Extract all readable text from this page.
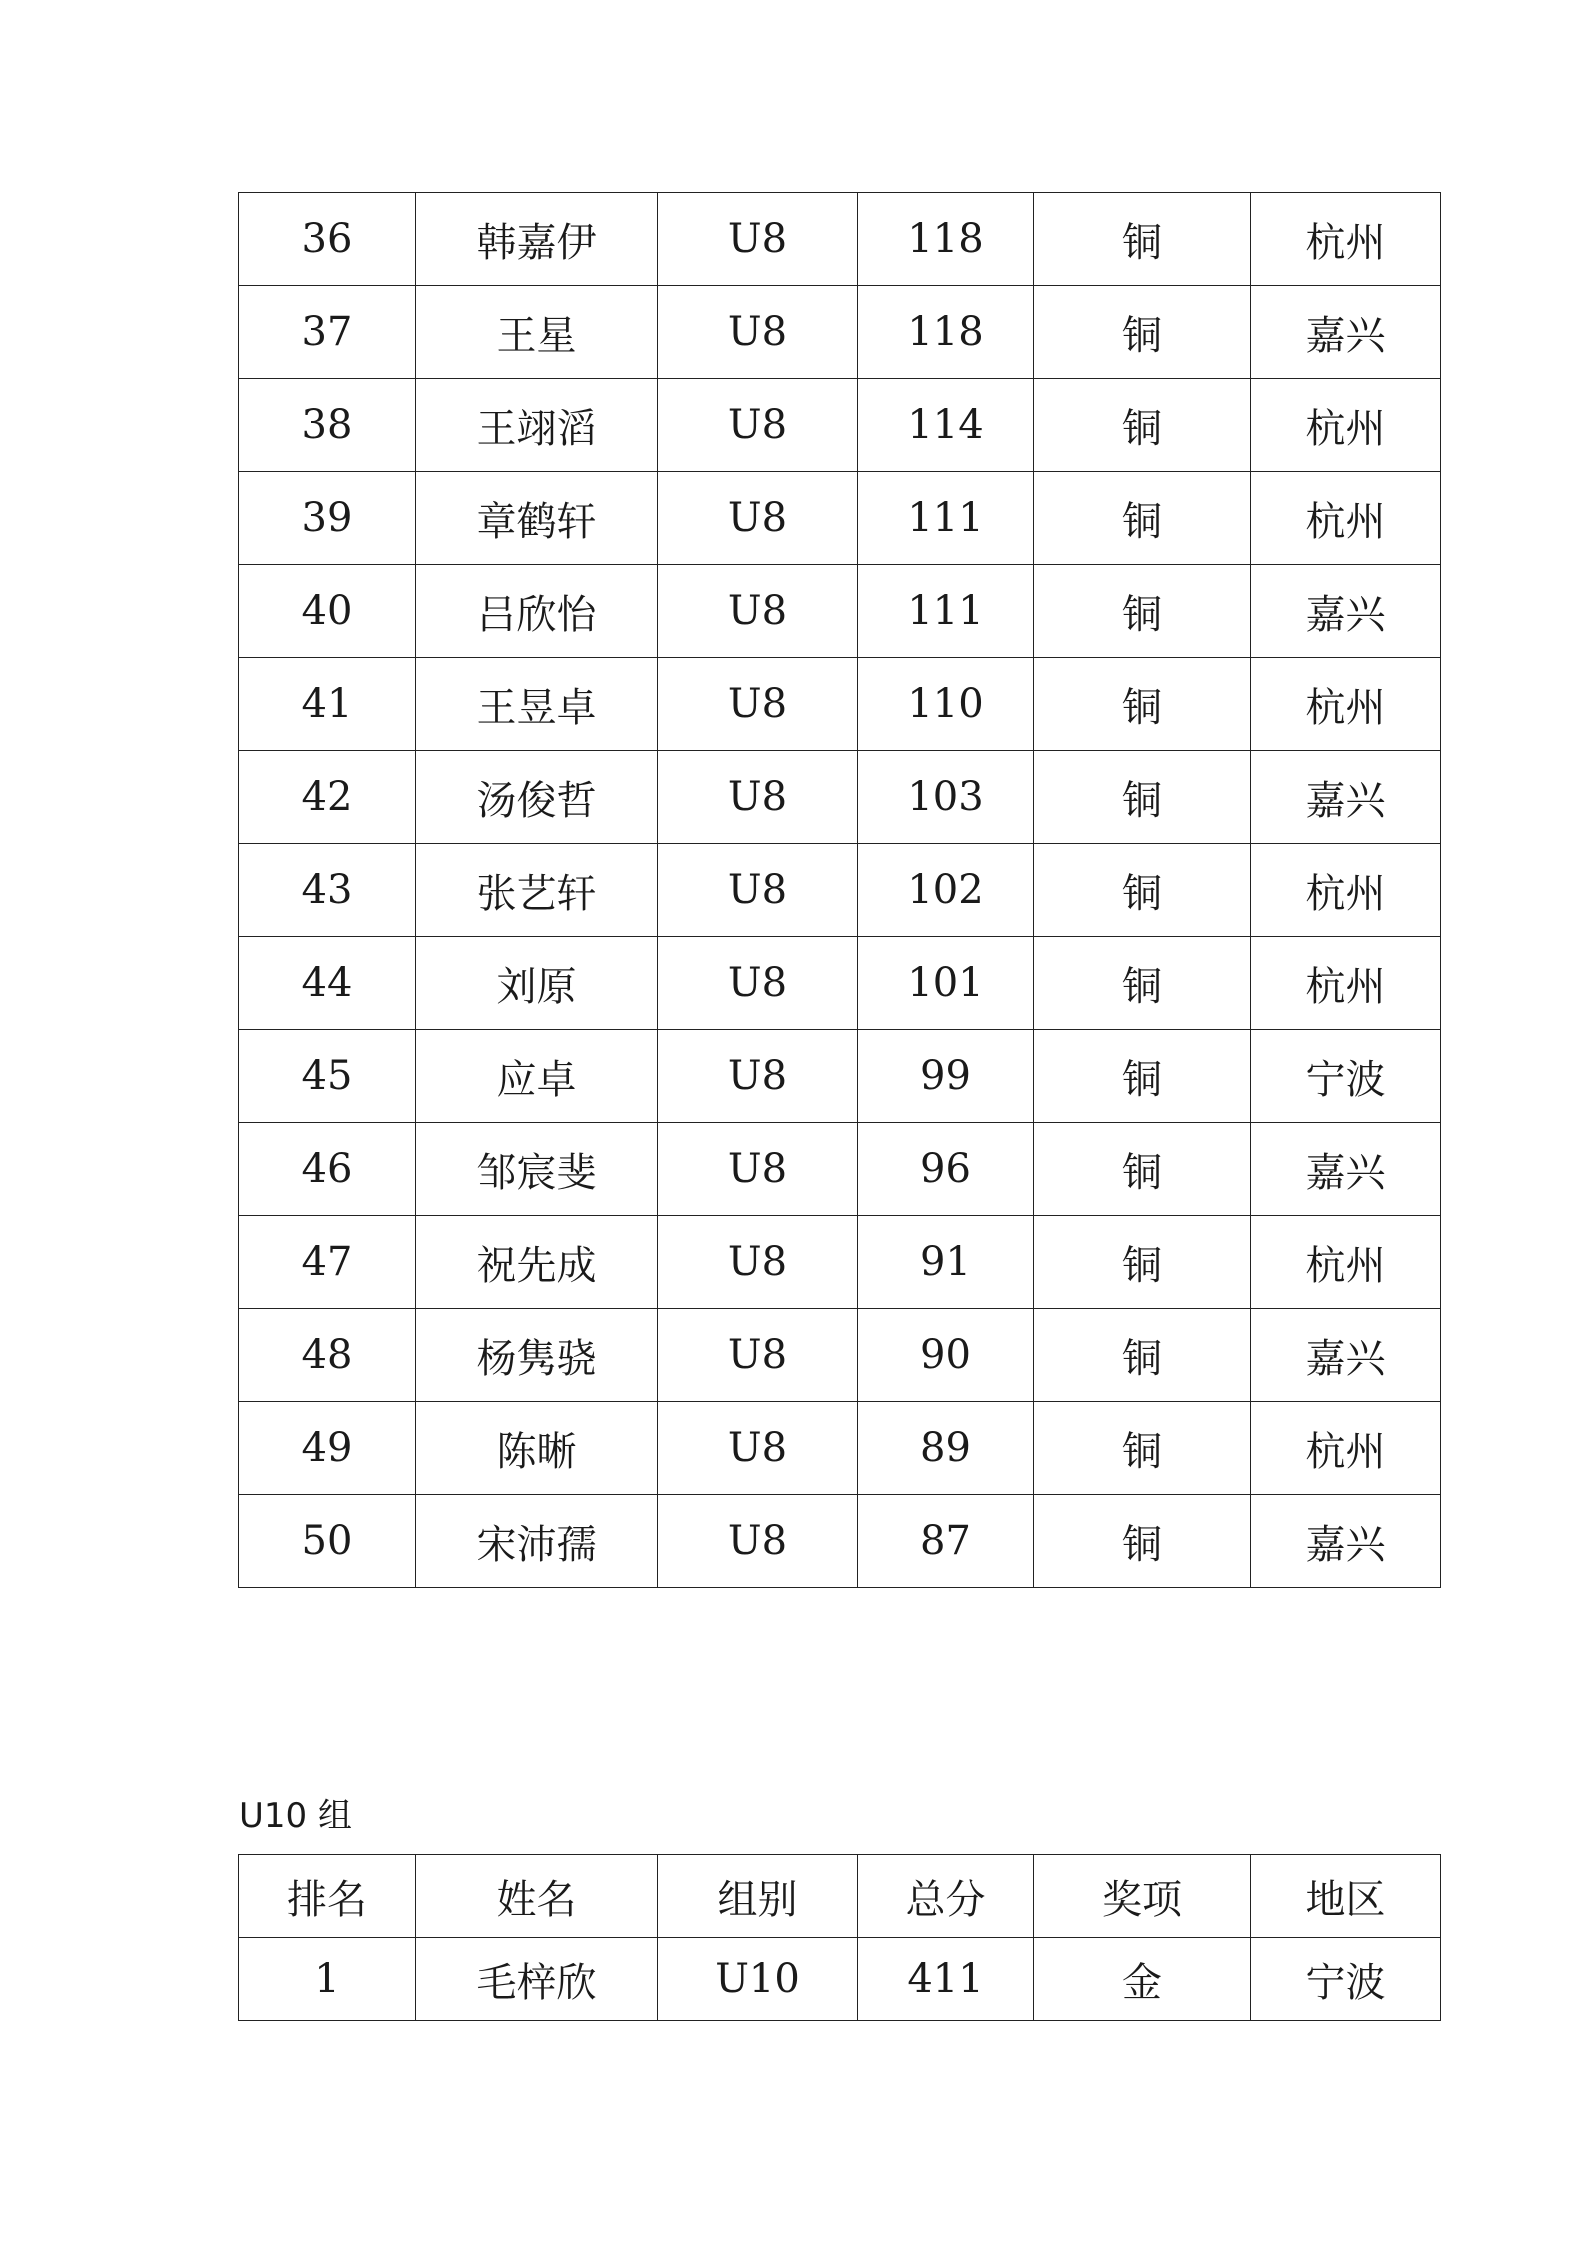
36	韩嘉伊	U8	118	铜	杭州
37	王星	U8	118	铜	嘉兴
38	王翊滔	U8	114	铜	杭州
39	章鹤轩	U8	111	铜	杭州
40	吕欣怡	U8	111	铜	嘉兴
41	王昱卓	U8	110	铜	杭州
42	汤俊哲	U8	103	铜	嘉兴
43	张艺轩	U8	102	铜	杭州
44	刘原	U8	101	铜	杭州
45	应卓	U8	99	铜	宁波
46	邹宸斐	U8	96	铜	嘉兴
47	祝先成	U8	91	铜	杭州
48	杨隽骁	U8	90	铜	嘉兴
49	陈晰	U8	89	铜	杭州
50	宋沛孺	U8	87	铜	嘉兴
U10 组
排名	姓名	组别	总分	奖项	地区
1	毛梓欣	U10	411	金	宁波
